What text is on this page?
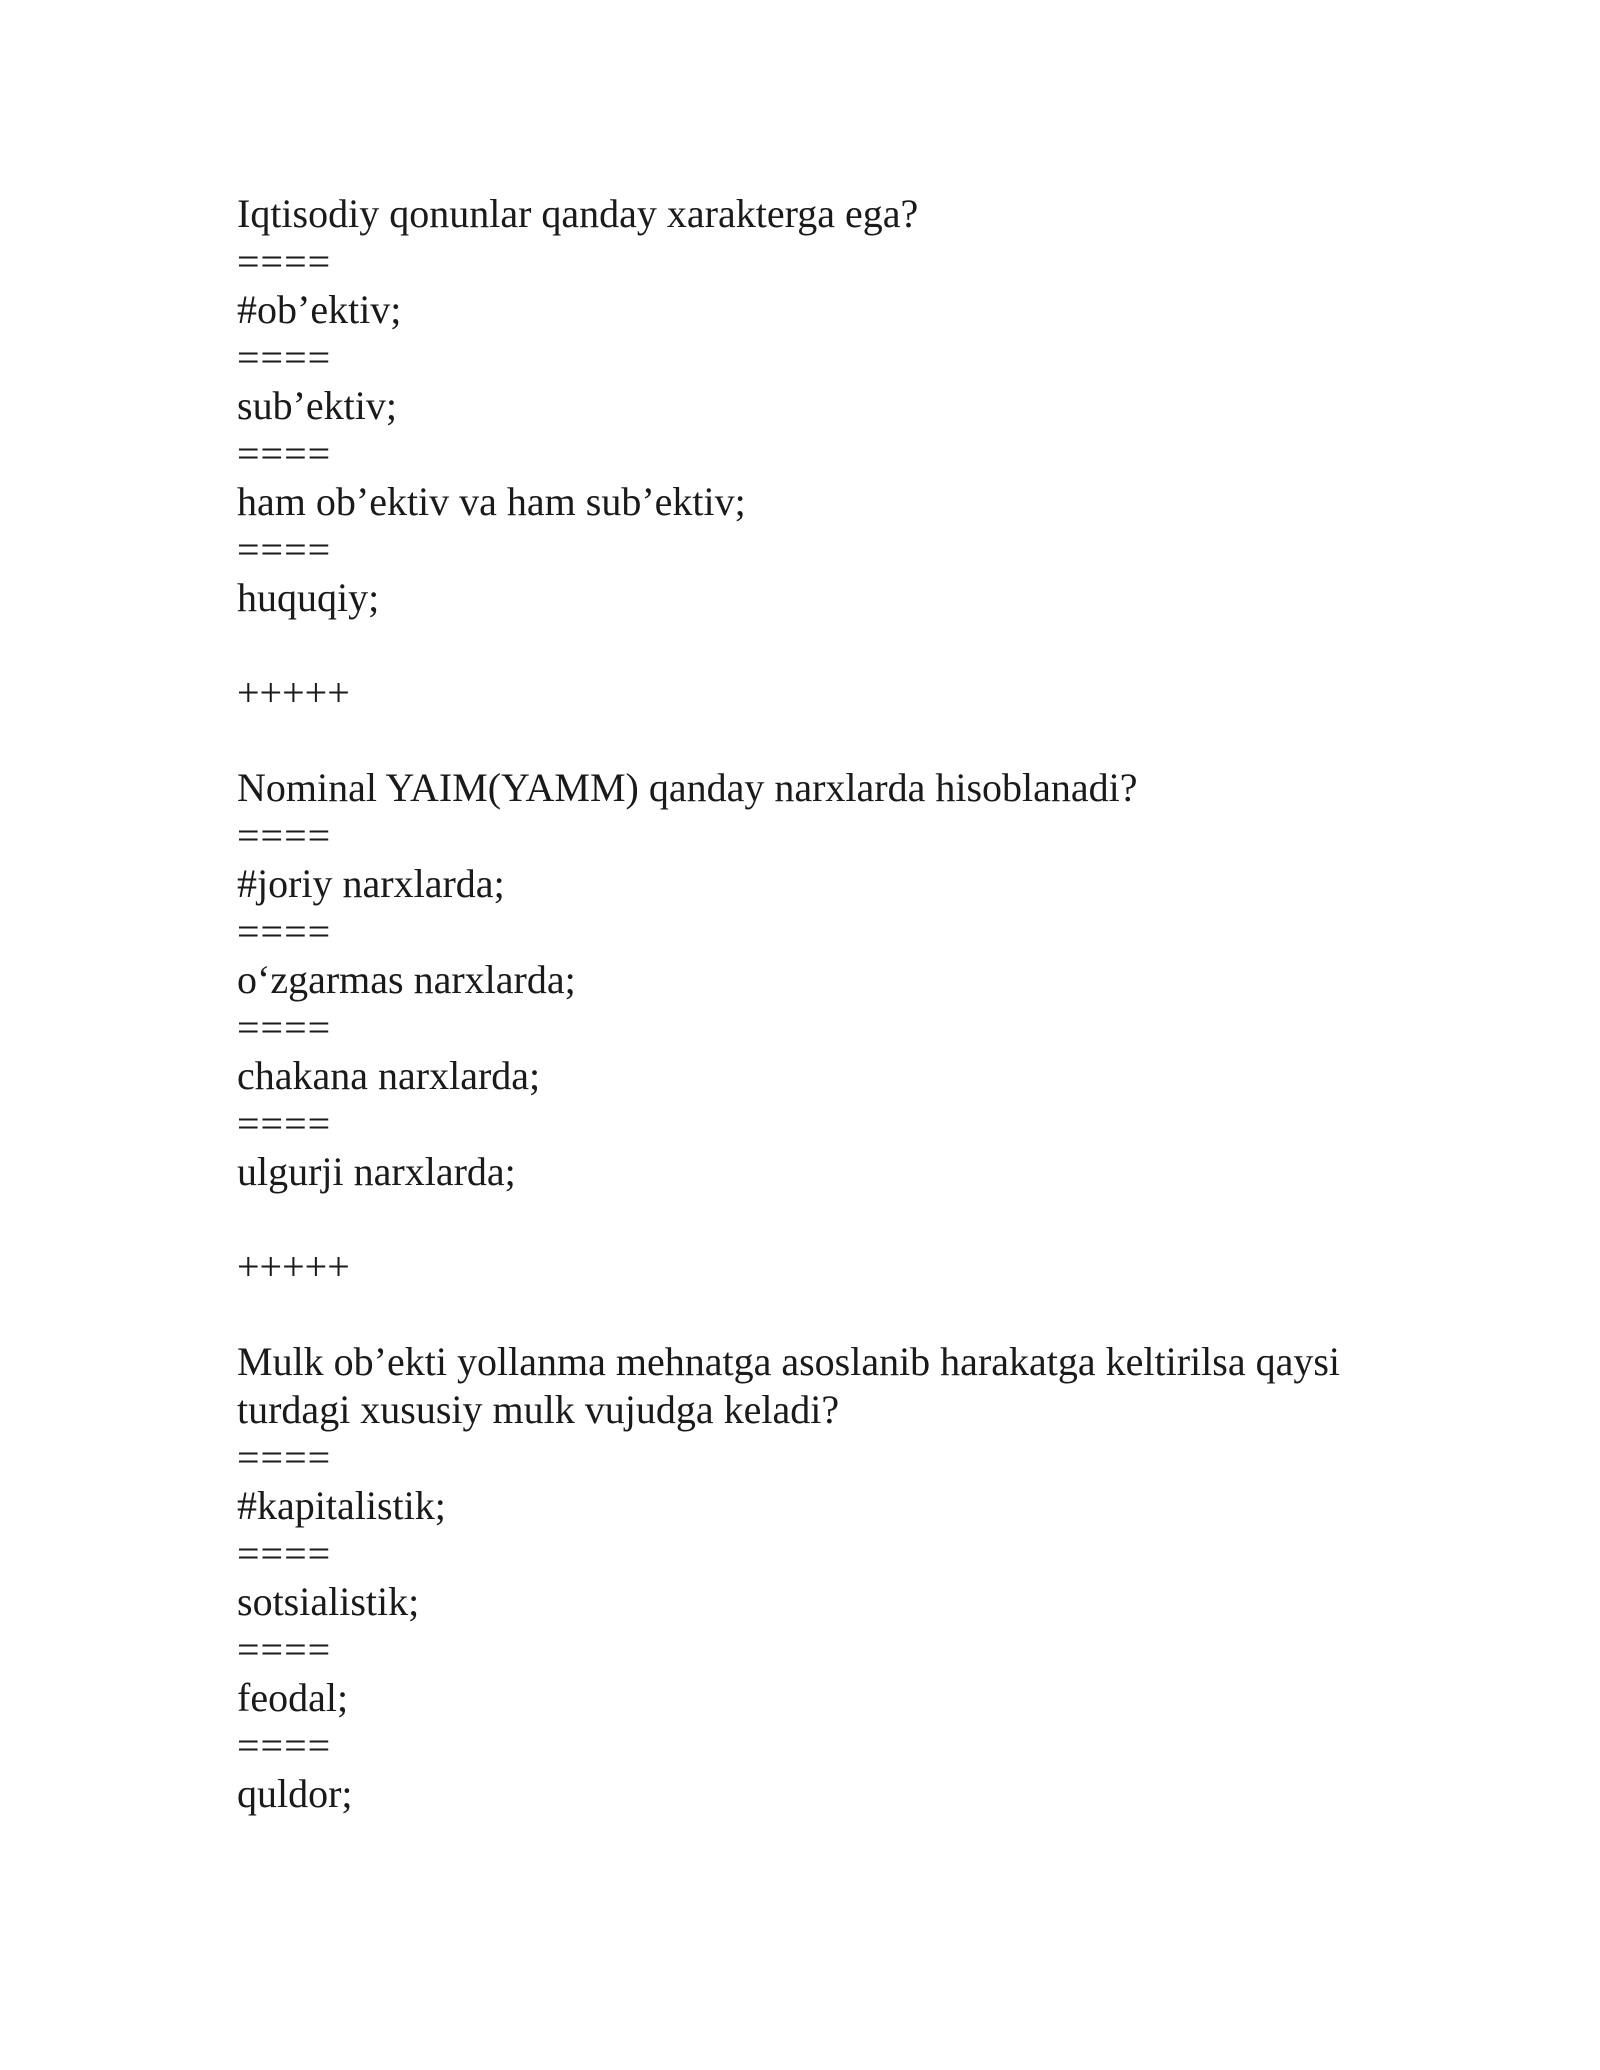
Iqtisodiy qonunlar qanday xarakterga ega?

====
#ob’ektiv;
====
sub’ektiv;
====
ham ob’ektiv va ham sub’ektiv;
====
huquqiy;
+++++

Nominal YAIM(YAMM) qanday narxlarda hisoblanadi?

====
#joriy narxlarda;
====
o‘zgarmas narxlarda;
====
chakana narxlarda;
====
ulgurji narxlarda;
+++++

Mulk ob’ekti yollanma mehnatga asoslanib harakatga keltirilsa qaysi turdagi xususiy mulk vujudga keladi?

====
#kapitalistik;
====
sotsialistik;
====
feodal;
====
quldor;
